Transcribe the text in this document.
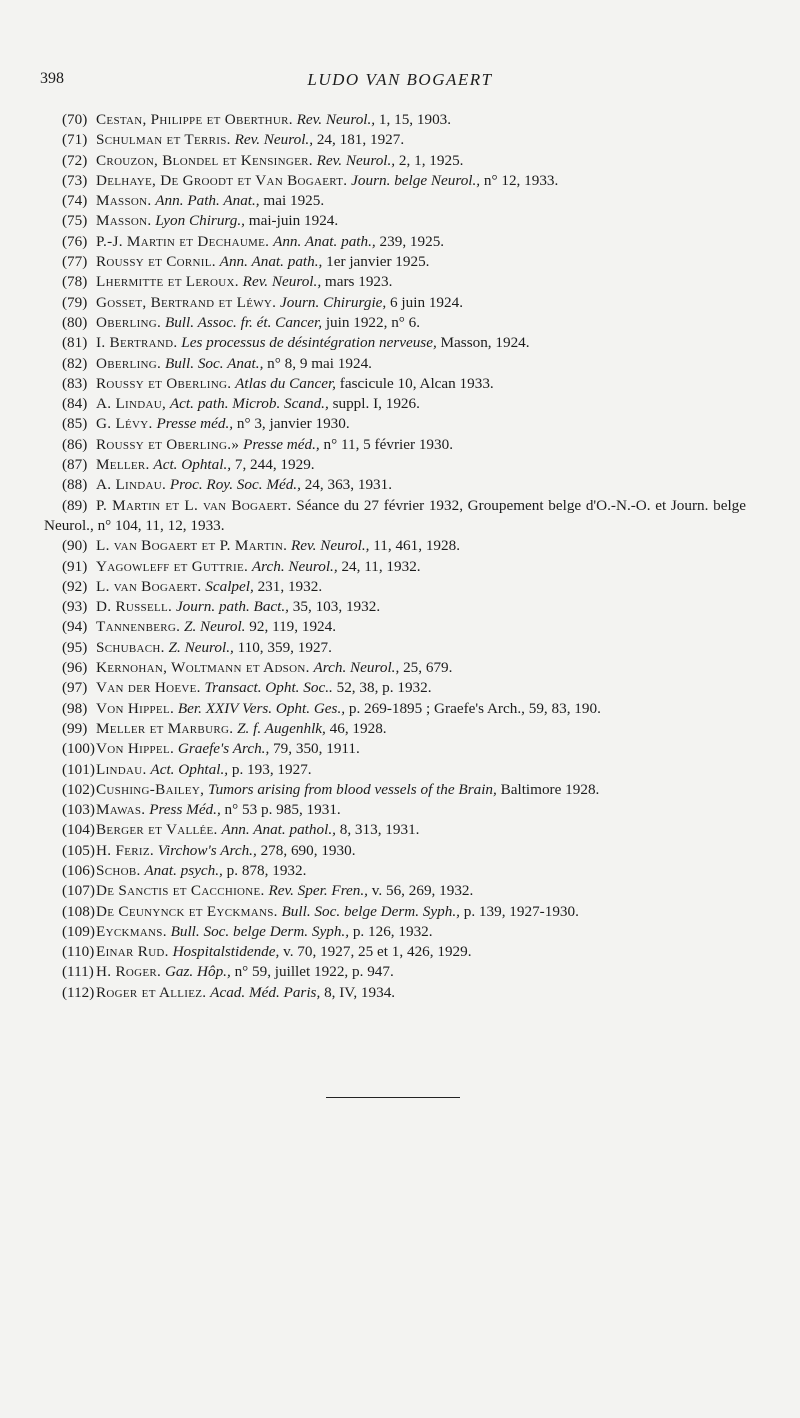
398	LUDO VAN BOGAERT
(70) Cestan, Philippe et Oberthur. Rev. Neurol., 1, 15, 1903.
(71) Schulman et Terris. Rev. Neurol., 24, 181, 1927.
(72) Crouzon, Blondel et Kensinger. Rev. Neurol., 2, 1, 1925.
(73) Delhaye, De Groodt et Van Bogaert. Journ. belge Neurol., n° 12, 1933.
(74) Masson. Ann. Path. Anat., mai 1925.
(75) Masson. Lyon Chirurg., mai-juin 1924.
(76) P.-J. Martin et Dechaume. Ann. Anat. path., 239, 1925.
(77) Roussy et Cornil. Ann. Anat. path., 1er janvier 1925.
(78) Lhermitte et Leroux. Rev. Neurol., mars 1923.
(79) Gosset, Bertrand et Léwy. Journ. Chirurgie, 6 juin 1924.
(80) Oberling. Bull. Assoc. fr. ét. Cancer, juin 1922, n° 6.
(81) I. Bertrand. Les processus de désintégration nerveuse, Masson, 1924.
(82) Oberling. Bull. Soc. Anat., n° 8, 9 mai 1924.
(83) Roussy et Oberling. Atlas du Cancer, fascicule 10, Alcan 1933.
(84) A. Lindau, Act. path. Microb. Scand., suppl. I, 1926.
(85) G. Lévy. Presse méd., n° 3, janvier 1930.
(86) Roussy et Oberling.» Presse méd., n° 11, 5 février 1930.
(87) Meller. Act. Ophtal., 7, 244, 1929.
(88) A. Lindau. Proc. Roy. Soc. Méd., 24, 363, 1931.
(89) P. Martin et L. van Bogaert. Séance du 27 février 1932, Groupement belge d'O.-N.-O. et Journ. belge Neurol., n° 104, 11, 12, 1933.
(90) L. van Bogaert et P. Martin. Rev. Neurol., 11, 461, 1928.
(91) Yagowleff et Guttrie. Arch. Neurol., 24, 11, 1932.
(92) L. van Bogaert. Scalpel, 231, 1932.
(93) D. Russell. Journ. path. Bact., 35, 103, 1932.
(94) Tannenberg. Z. Neurol. 92, 119, 1924.
(95) Schubach. Z. Neurol., 110, 359, 1927.
(96) Kernohan, Woltmann et Adson. Arch. Neurol., 25, 679.
(97) Van der Hoeve. Transact. Opht. Soc.. 52, 38, p. 1932.
(98) Von Hippel. Ber. XXIV Vers. Opht. Ges., p. 269-1895 ; Graefe's Arch., 59, 83, 190.
(99) Meller et Marburg. Z. f. Augenhlk, 46, 1928.
(100)Von Hippel. Graefe's Arch., 79, 350, 1911.
(101)Lindau. Act. Ophtal., p. 193, 1927.
(102)Cushing-Bailey, Tumors arising from blood vessels of the Brain, Baltimore 1928.
(103)Mawas. Press Méd., n° 53 p. 985, 1931.
(104)Berger et Vallée. Ann. Anat. pathol., 8, 313, 1931.
(105)H. Feriz. Virchow's Arch., 278, 690, 1930.
(106)Schob. Anat. psych., p. 878, 1932.
(107)De Sanctis et Cacchione. Rev. Sper. Fren., v. 56, 269, 1932.
(108)De Ceunynck et Eyckmans. Bull. Soc. belge Derm. Syph., p. 139, 1927-1930.
(109)Eyckmans. Bull. Soc. belge Derm. Syph., p. 126, 1932.
(110) Einar Rud. Hospitalstidende, v. 70, 1927, 25 et 1, 426, 1929.
(111) H. Roger. Gaz. Hôp., n° 59, juillet 1922, p. 947.
(112) Roger et Alliez. Acad. Méd. Paris, 8, IV, 1934.
